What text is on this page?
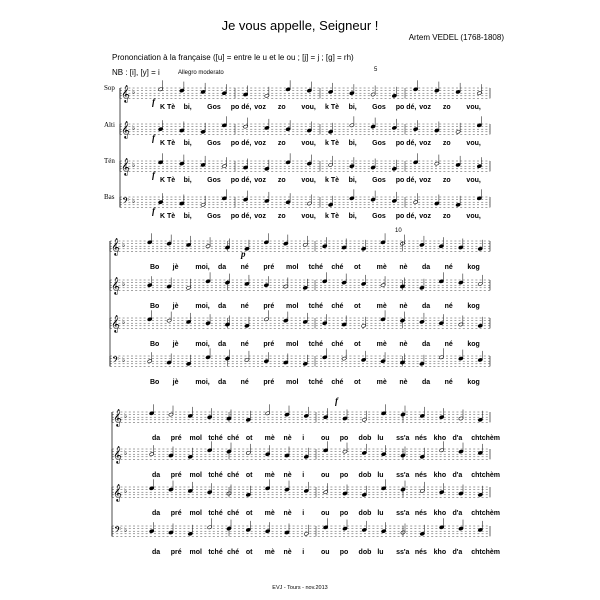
Je vous appelle, Seigneur !
Artem VEDEL (1768-1808)
Prononciation à la française ([u] = entre le u et le ou ; [j] = j ; [g] = rh)
NB : [i], [y] = i	Allegro moderato	5
10
Sop
Alti
Tén
Bas
𝄞 ♭
K Tè bi, Gos po dé, voz zo vou, k Tè bi, Gos po dé, voz zo vou,
f
𝄞 ♭
K Tè bi, Gos po dé, voz zo vou, k Tè bi, Gos po dé, voz zo vou,
f
𝄞 ♭
K Tè bi, Gos po dé, voz zo vou, k Tè bi, Gos po dé, voz zo vou,
f
𝄢 ♭
K Tè bi, Gos po dé, voz zo vou, k Tè bi, Gos po dé, voz zo vou,
f
𝄞 ♭
Bo jè moi, da né pré mol tché ché ot mè nè da né kog
𝄞 ♭
Bo jè moi, da né pré mol tché ché ot mè nè da né kog
𝄞 ♭
Bo jè moi, da né pré mol tché ché ot mè nè da né kog
𝄢 ♭
Bo jè moi, da né pré mol tché ché ot mè nè da né kog
p
𝄞 ♭
da pré mol tché ché ot mè nè i ou po dob lu ss'a nés kho d'a chtchèm
𝄞 ♭
da pré mol tché ché ot mè nè i ou po dob lu ss'a nés kho d'a chtchèm
𝄞 ♭
da pré mol tché ché ot mè nè i ou po dob lu ss'a nés kho d'a chtchèm
𝄢 ♭
da pré mol tché ché ot mè nè i ou po dob lu ss'a nés kho d'a chtchèm
f
EVJ - Tours - nov.2013
